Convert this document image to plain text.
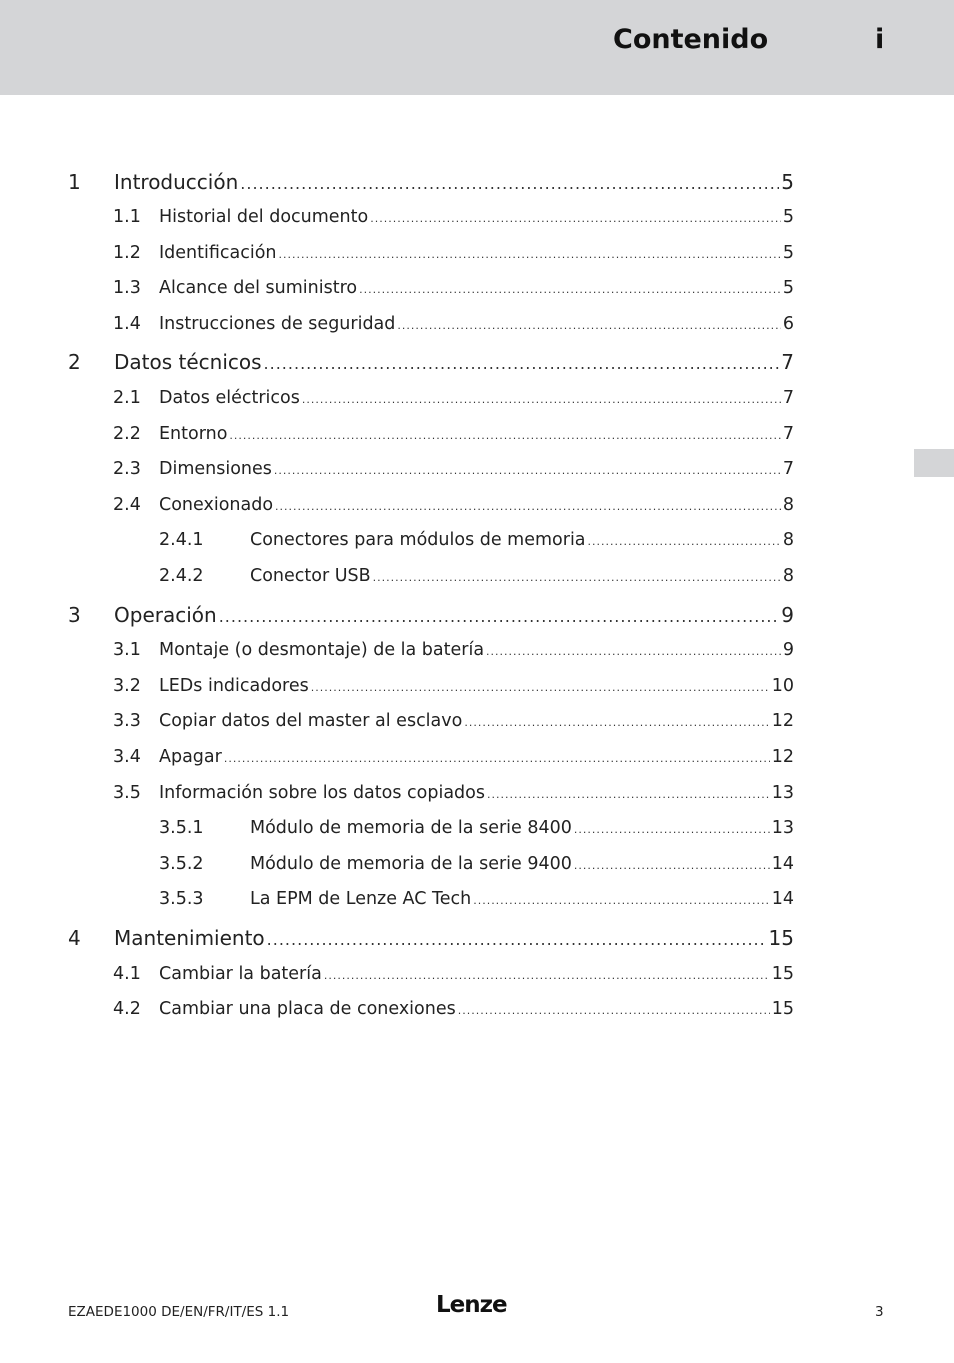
Contenido	i
1 Introducción .....	5
1.1 Historial del documento .....	5
1.2 Identificación .....	5
1.3 Alcance del suministro .....	5
1.4 Instrucciones de seguridad .....	6
2 Datos técnicos .....	7
2.1 Datos eléctricos .....	7
2.2 Entorno .....	7
2.3 Dimensiones .....	7
2.4 Conexionado .....	8
2.4.1	Conectores para módulos de memoria .....	8
2.4.2	Conector USB .....	8
3 Operación .....	9
3.1 Montaje (o desmontaje) de la batería .....	9
3.2 LEDs indicadores .....	10
3.3 Copiar datos del master al esclavo .....	12
3.4 Apagar .....	12
3.5 Información sobre los datos copiados .....	13
3.5.1	Módulo de memoria de la serie 8400 .....	13
3.5.2	Módulo de memoria de la serie 9400 .....	14
3.5.3	La EPM de Lenze AC Tech .....	14
4 Mantenimiento .....	15
4.1 Cambiar la batería .....	15
4.2 Cambiar una placa de conexiones .....	15
EZAEDE1000 DE/EN/FR/IT/ES 1.1	Lenze	3
